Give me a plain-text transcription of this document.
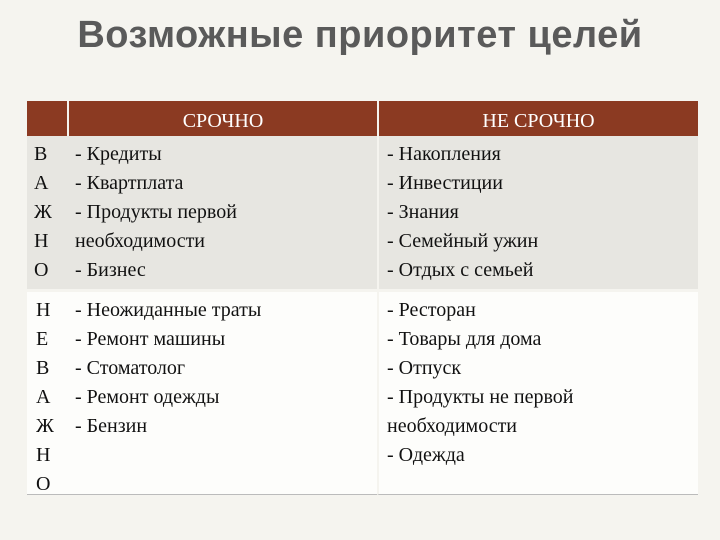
Возможные приоритет целей
СРОЧНО	НЕ СРОЧНО
В
А
Ж
Н
О
- Кредиты
- Квартплата
- Продукты первой
необходимости
- Бизнес
- Накопления
- Инвестиции
- Знания
- Семейный ужин
- Отдых с семьей
Н
Е
В
А
Ж
Н
О
- Неожиданные траты
- Ремонт машины
- Стоматолог
- Ремонт одежды
- Бензин
- Ресторан
- Товары для дома
- Отпуск
- Продукты не первой
необходимости
- Одежда
